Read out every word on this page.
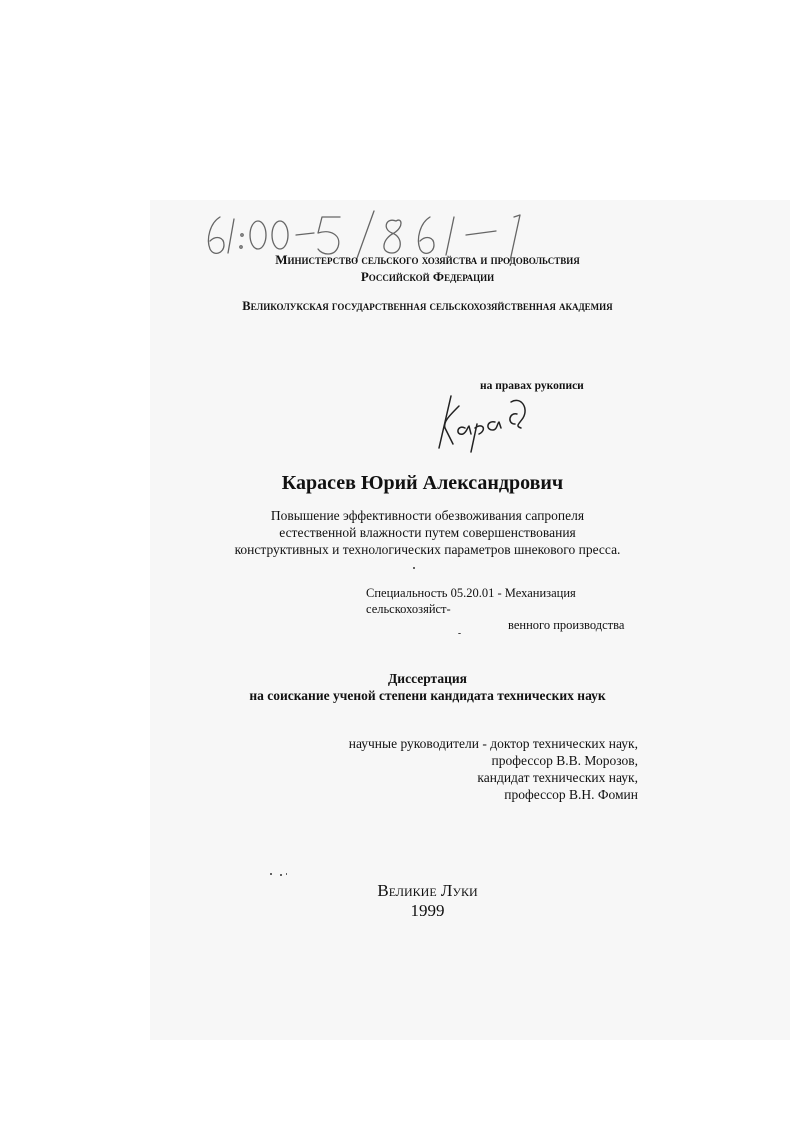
Министерство сельского хозяйства и продовольствия
Российской Федерации
Великолукская государственная сельскохозяйственная академия
на правах рукописи
Карасев Юрий Александрович
Повышение эффективности обезвоживания сапропеля
естественной влажности путем совершенствования
конструктивных и технологических параметров шнекового пресса.
Специальность 05.20.01 - Механизация сельскохозяйст-
венного производства
Диссертация
на соискание ученой степени кандидата технических наук
научные руководители - доктор технических наук,
профессор В.В. Морозов,
кандидат технических наук,
профессор В.Н. Фомин
Великие Луки
1999
